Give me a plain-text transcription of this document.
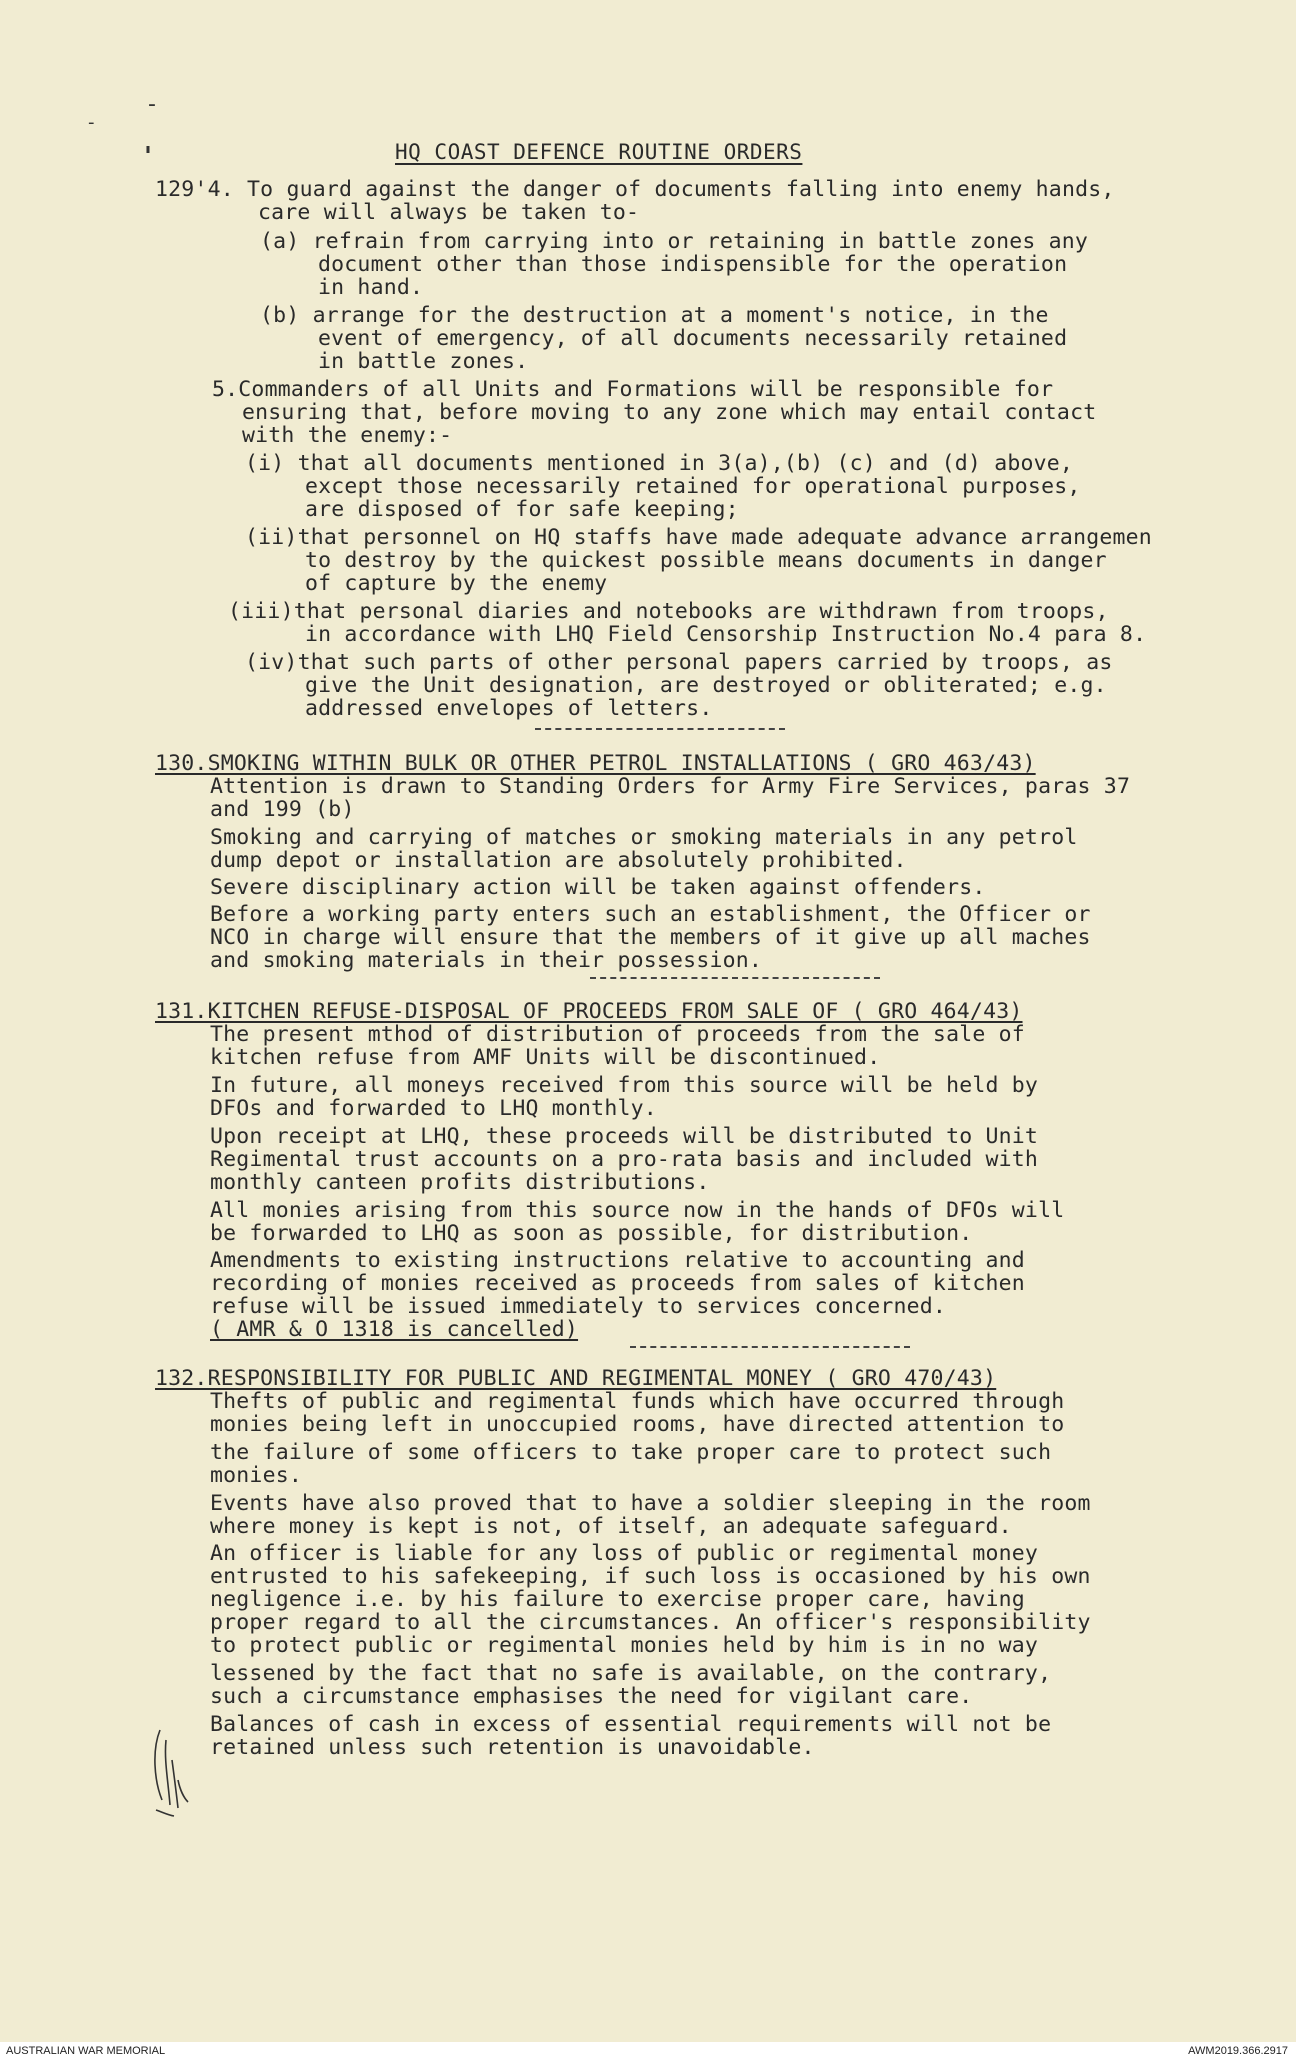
-
-
'	HQ COAST DEFENCE ROUTINE ORDERS
129'4. To guard against the danger of documents falling into enemy hands,
care will always be taken to-
(a) refrain from carrying into or retaining in battle zones any
document other than those indispensible for the operation
in hand.
(b) arrange for the destruction at a moment's notice, in the
event of emergency, of all documents necessarily retained
in battle zones.
5.Commanders of all Units and Formations will be responsible for
ensuring that, before moving to any zone which may entail contact
with the enemy:-
(i) that all documents mentioned in 3(a),(b) (c) and (d) above,
except those necessarily retained for operational purposes,
are disposed of for safe keeping;
(ii)that personnel on HQ staffs have made adequate advance arrangemen
to destroy by the quickest possible means documents in danger
of capture by the enemy
(iii)that personal diaries and notebooks are withdrawn from troops,
in accordance with LHQ Field Censorship Instruction No.4 para 8.
(iv)that such parts of other personal papers carried by troops, as
give the Unit designation, are destroyed or obliterated; e.g.
addressed envelopes of letters.
130.SMOKING WITHIN BULK OR OTHER PETROL INSTALLATIONS ( GRO 463/43)
Attention is drawn to Standing Orders for Army Fire Services, paras 37
and 199 (b)
Smoking and carrying of matches or smoking materials in any petrol
dump depot or installation are absolutely prohibited.
Severe disciplinary action will be taken against offenders.
Before a working party enters such an establishment, the Officer or
NCO in charge will ensure that the members of it give up all maches
and smoking materials in their possession.
131.KITCHEN REFUSE-DISPOSAL OF PROCEEDS FROM SALE OF ( GRO 464/43)
The present mthod of distribution of proceeds from the sale of
kitchen refuse from AMF Units will be discontinued.
In future, all moneys received from this source will be held by
DFOs and forwarded to LHQ monthly.
Upon receipt at LHQ, these proceeds will be distributed to Unit
Regimental trust accounts on a pro-rata basis and included with
monthly canteen profits distributions.
All monies arising from this source now in the hands of DFOs will
be forwarded to LHQ as soon as possible, for distribution.
Amendments to existing instructions relative to accounting and
recording of monies received as proceeds from sales of kitchen
refuse will be issued immediately to services concerned.
( AMR & O 1318 is cancelled)
132.RESPONSIBILITY FOR PUBLIC AND REGIMENTAL MONEY ( GRO 470/43)
Thefts of public and regimental funds which have occurred through
monies being left in unoccupied rooms, have directed attention to
the failure of some officers to take proper care to protect such
monies.
Events have also proved that to have a soldier sleeping in the room
where money is kept is not, of itself, an adequate safeguard.
An officer is liable for any loss of public or regimental money
entrusted to his safekeeping, if such loss is occasioned by his own
negligence i.e. by his failure to exercise proper care, having
proper regard to all the circumstances. An officer's responsibility
to protect public or regimental monies held by him is in no way
lessened by the fact that no safe is available, on the contrary,
such a circumstance emphasises the need for vigilant care.
Balances of cash in excess of essential requirements will not be
retained unless such retention is unavoidable.
AUSTRALIAN WAR MEMORIAL	AWM2019.366.2917
